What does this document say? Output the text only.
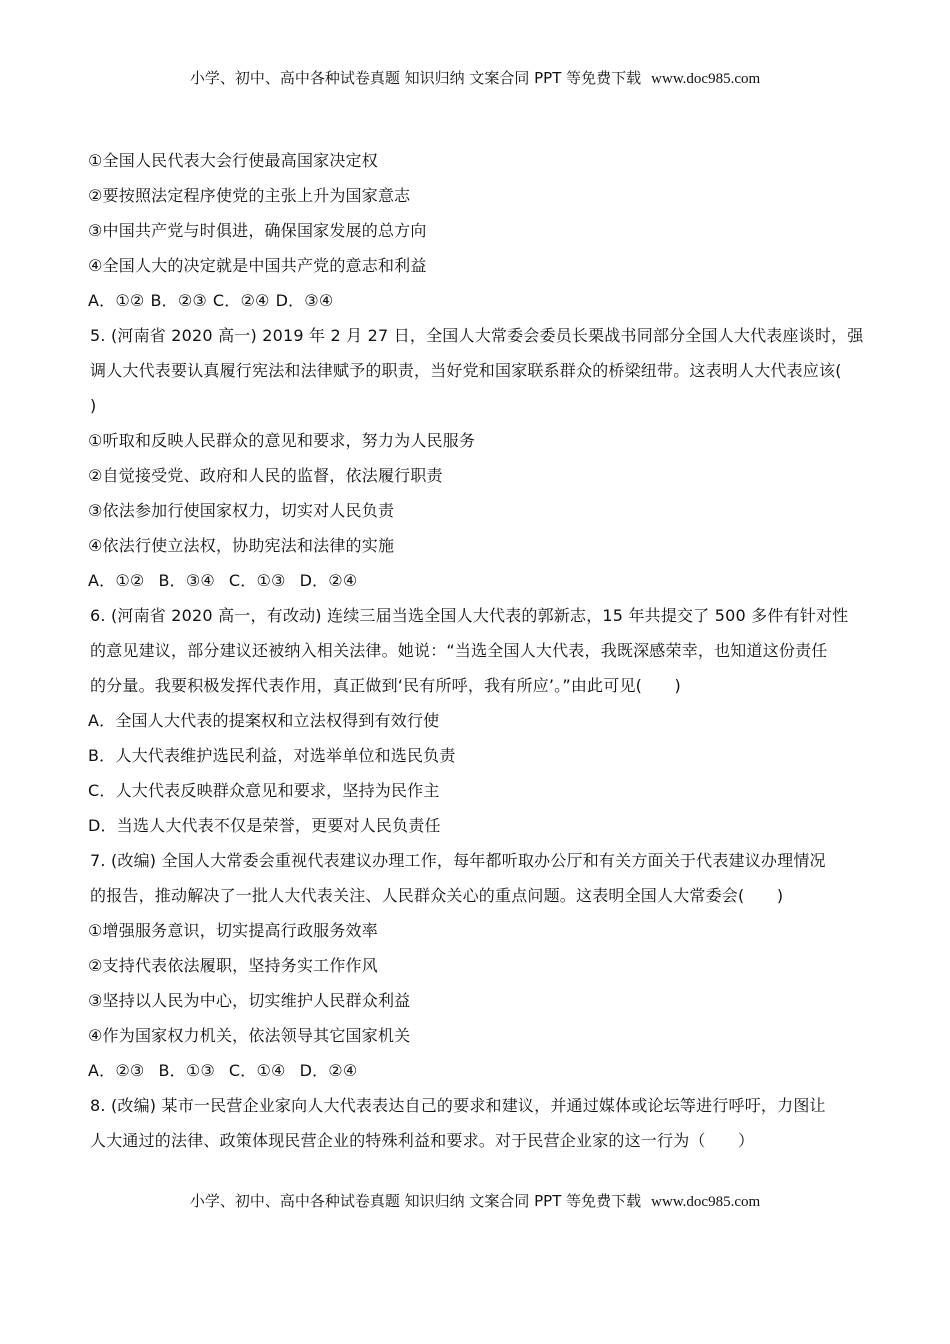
小学、初中、高中各种试卷真题 知识归纳 文案合同 PPT 等免费下载 www.doc985.com
①全国人民代表大会行使最高国家决定权
②要按照法定程序使党的主张上升为国家意志
③中国共产党与时俱进，确保国家发展的总方向
④全国人大的决定就是中国共产党的意志和利益
A．①② B．②③ C．②④ D．③④
5. (河南省 2020 高一) 2019 年 2 月 27 日，全国人大常委会委员长栗战书同部分全国人大代表座谈时，强
调人大代表要认真履行宪法和法律赋予的职责，当好党和国家联系群众的桥梁纽带。这表明人大代表应该(
)
①听取和反映人民群众的意见和要求，努力为人民服务
②自觉接受党、政府和人民的监督，依法履行职责
③依法参加行使国家权力，切实对人民负责
④依法行使立法权，协助宪法和法律的实施
A．①② B．③④ C．①③ D．②④
6. (河南省 2020 高一，有改动) 连续三届当选全国人大代表的郭新志，15 年共提交了 500 多件有针对性
的意见建议，部分建议还被纳入相关法律。她说：“当选全国人大代表，我既深感荣幸，也知道这份责任
的分量。我要积极发挥代表作用，真正做到‘民有所呼，我有所应’。”由此可见(　　)
A．全国人大代表的提案权和立法权得到有效行使
B．人大代表维护选民利益，对选举单位和选民负责
C．人大代表反映群众意见和要求，坚持为民作主
D．当选人大代表不仅是荣誉，更要对人民负责任
7. (改编) 全国人大常委会重视代表建议办理工作，每年都听取办公厅和有关方面关于代表建议办理情况
的报告，推动解决了一批人大代表关注、人民群众关心的重点问题。这表明全国人大常委会(　　)
①增强服务意识，切实提高行政服务效率
②支持代表依法履职，坚持务实工作作风
③坚持以人民为中心，切实维护人民群众利益
④作为国家权力机关，依法领导其它国家机关
A．②③ B．①③ C．①④ D．②④
8. (改编) 某市一民营企业家向人大代表表达自己的要求和建议，并通过媒体或论坛等进行呼吁，力图让
人大通过的法律、政策体现民营企业的特殊利益和要求。对于民营企业家的这一行为（　　）
小学、初中、高中各种试卷真题 知识归纳 文案合同 PPT 等免费下载 www.doc985.com
